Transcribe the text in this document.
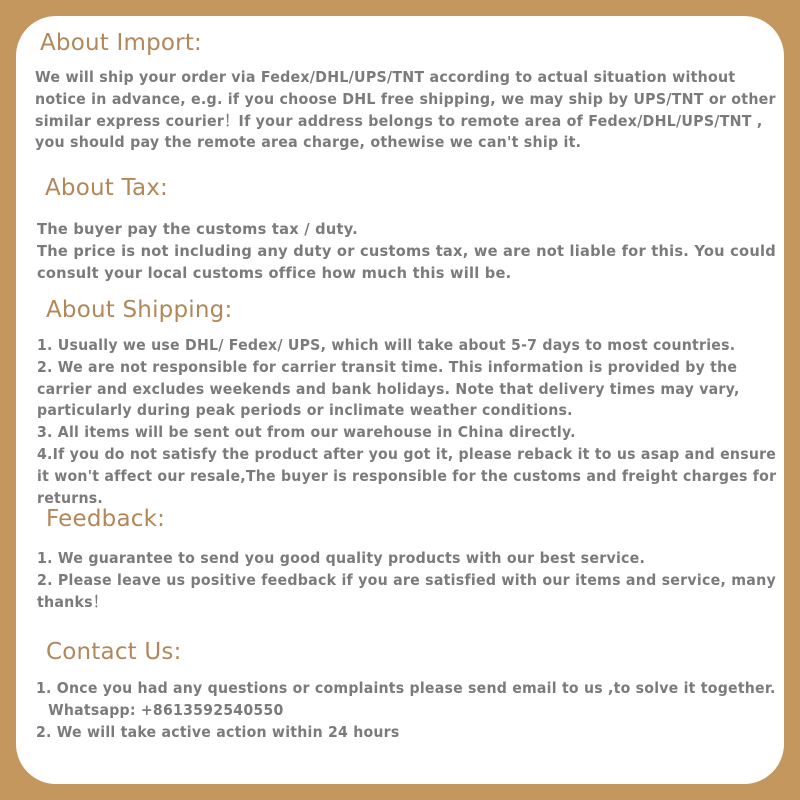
About Import:
We will ship your order via Fedex/DHL/UPS/TNT according to actual situation without
notice in advance, e.g. if you choose DHL free shipping, we may ship by UPS/TNT or other
similar express courier！If your address belongs to remote area of Fedex/DHL/UPS/TNT ,
you should pay the remote area charge, othewise we can't ship it.
About Tax:
The buyer pay the customs tax / duty.
The price is not including any duty or customs tax, we are not liable for this. You could
consult your local customs office how much this will be.
About Shipping:
1. Usually we use DHL/ Fedex/ UPS, which will take about 5-7 days to most countries.
2. We are not responsible for carrier transit time. This information is provided by the
carrier and excludes weekends and bank holidays. Note that delivery times may vary,
particularly during peak periods or inclimate weather conditions.
3. All items will be sent out from our warehouse in China directly.
4.If you do not satisfy the product after you got it, please reback it to us asap and ensure
it won't affect our resale,The buyer is responsible for the customs and freight charges for
returns.
Feedback:
1. We guarantee to send you good quality products with our best service.
2. Please leave us positive feedback if you are satisfied with our items and service, many
thanks！
Contact Us:
1. Once you had any questions or complaints please send email to us ,to solve it together.
Whatsapp: +8613592540550
2. We will take active action within 24 hours
